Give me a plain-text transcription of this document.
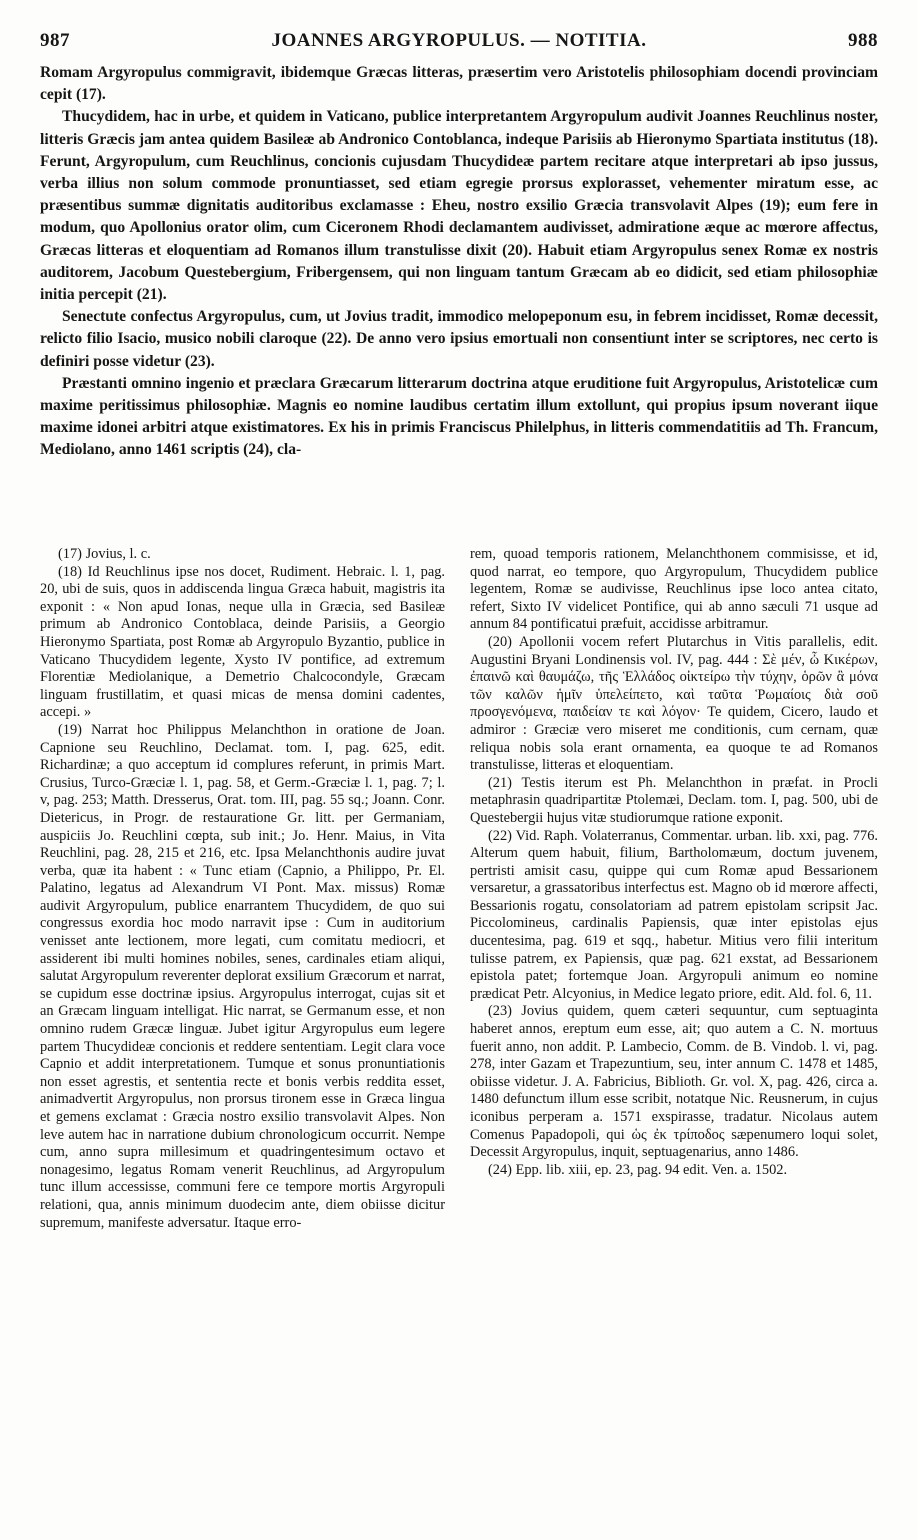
987	JOANNES ARGYROPULUS. — NOTITIA.	988

Romam Argyropulus commigravit, ibidemque Græcas litteras, præsertim vero Aristotelis philosophiam docendi provinciam cepit (17).

Thucydidem, hac in urbe, et quidem in Vaticano, publice interpretantem Argyropulum audivit Joannes Reuchlinus noster, litteris Græcis jam antea quidem Basileæ ab Andronico Contoblanca, indeque Parisiis ab Hieronymo Spartiata institutus (18). Ferunt, Argyropulum, cum Reuchlinus, concionis cujusdam Thucydideæ partem recitare atque interpretari ab ipso jussus, verba illius non solum commode pronuntiasset, sed etiam egregie prorsus explorasset, vehementer miratum esse, ac præsentibus summæ dignitatis auditoribus exclamasse : Eheu, nostro exsilio Græcia transvolavit Alpes (19); eum fere in modum, quo Apollonius orator olim, cum Ciceronem Rhodi declamantem audivisset, admiratione æque ac mœrore affectus, Græcas litteras et eloquentiam ad Romanos illum transtulisse dixit (20). Habuit etiam Argyropulus senex Romæ ex nostris auditorem, Jacobum Questebergium, Fribergensem, qui non linguam tantum Græcam ab eo didicit, sed etiam philosophiæ initia percepit (21).

Senectute confectus Argyropulus, cum, ut Jovius tradit, immodico melopeponum esu, in febrem incidisset, Romæ decessit, relicto filio Isacio, musico nobili claroque (22). De anno vero ipsius emortuali non consentiunt inter se scriptores, nec certo is definiri posse videtur (23).

Præstanti omnino ingenio et præclara Græcarum litterarum doctrina atque eruditione fuit Argyropulus, Aristotelicæ cum maxime peritissimus philosophiæ. Magnis eo nomine laudibus certatim illum extollunt, qui propius ipsum noverant iique maxime idonei arbitri atque existimatores. Ex his in primis Franciscus Philelphus, in litteris commendatitiis ad Th. Francum, Mediolano, anno 1461 scriptis (24), cla-

(17) Jovius, l. c.

(18) Id Reuchlinus ipse nos docet, Rudiment. Hebraic. l. 1, pag. 20, ubi de suis, quos in addiscenda lingua Græca habuit, magistris ita exponit : « Non apud Ionas, neque ulla in Græcia, sed Basileæ primum ab Andronico Contoblaca, deinde Parisiis, a Georgio Hieronymo Spartiata, post Romæ ab Argyropulo Byzantio, publice in Vaticano Thucydidem legente, Xysto IV pontifice, ad extremum Florentiæ Mediolanique, a Demetrio Chalcocondyle, Græcam linguam frustillatim, et quasi micas de mensa domini cadentes, accepi. »

(19) Narrat hoc Philippus Melanchthon in oratione de Joan. Capnione seu Reuchlino, Declamat. tom. I, pag. 625, edit. Richardinæ; a quo acceptum id complures referunt, in primis Mart. Crusius, Turco-Græciæ l. 1, pag. 58, et Germ.-Græciæ l. 1, pag. 7; l. v, pag. 253; Matth. Dresserus, Orat. tom. III, pag. 55 sq.; Joann. Conr. Dietericus, in Progr. de restauratione Gr. litt. per Germaniam, auspiciis Jo. Reuchlini cœpta, sub init.; Jo. Henr. Maius, in Vita Reuchlini, pag. 28, 215 et 216, etc. Ipsa Melanchthonis audire juvat verba, quæ ita habent : « Tunc etiam (Capnio, a Philippo, Pr. El. Palatino, legatus ad Alexandrum VI Pont. Max. missus) Romæ audivit Argyropulum, publice enarrantem Thucydidem, de quo sui congressus exordia hoc modo narravit ipse : Cum in auditorium venisset ante lectionem, more legati, cum comitatu mediocri, et assiderent ibi multi homines nobiles, senes, cardinales etiam aliqui, salutat Argyropulum reverenter deplorat exsilium Græcorum et narrat, se cupidum esse doctrinæ ipsius. Argyropulus interrogat, cujas sit et an Græcam linguam intelligat. Hic narrat, se Germanum esse, et non omnino rudem Græcæ linguæ. Jubet igitur Argyropulus eum legere partem Thucydideæ concionis et reddere sententiam. Legit clara voce Capnio et addit interpretationem. Tumque et sonus pronuntiationis non esset agrestis, et sententia recte et bonis verbis reddita esset, animadvertit Argyropulus, non prorsus tironem esse in Græca lingua et gemens exclamat : Græcia nostro exsilio transvolavit Alpes. Non leve autem hac in narratione dubium chronologicum occurrit. Nempe cum, anno supra millesimum et quadringentesimum octavo et nonagesimo, legatus Romam venerit Reuchlinus, ad Argyropulum tunc illum accessisse, communi fere ce tempore mortis Argyropuli relationi, qua, annis minimum duodecim ante, diem obiisse dicitur supremum, manifeste adversatur. Itaque erro-

rem, quoad temporis rationem, Melanchthonem commisisse, et id, quod narrat, eo tempore, quo Argyropulum, Thucydidem publice legentem, Romæ se audivisse, Reuchlinus ipse loco antea citato, refert, Sixto IV videlicet Pontifice, qui ab anno sæculi 71 usque ad annum 84 pontificatui præfuit, accidisse arbitramur.

(20) Apollonii vocem refert Plutarchus in Vitis parallelis, edit. Augustini Bryani Londinensis vol. IV, pag. 444 : Σὲ μέν, ὦ Κικέρων, ἐπαινῶ καὶ θαυμάζω, τῆς Ἑλλάδος οἰκτείρω τὴν τύχην, ὁρῶν ἃ μόνα τῶν καλῶν ἡμῖν ὑπελείπετο, καὶ ταῦτα Ῥωμαίοις διὰ σοῦ προσγενόμενα, παιδείαν τε καὶ λόγον· Te quidem, Cicero, laudo et admiror : Græciæ vero miseret me conditionis, cum cernam, quæ reliqua nobis sola erant ornamenta, ea quoque te ad Romanos transtulisse, litteras et eloquentiam.

(21) Testis iterum est Ph. Melanchthon in præfat. in Procli metaphrasin quadripartitæ Ptolemæi, Declam. tom. I, pag. 500, ubi de Questebergii hujus vitæ studiorumque ratione exponit.

(22) Vid. Raph. Volaterranus, Commentar. urban. lib. xxi, pag. 776. Alterum quem habuit, filium, Bartholomæum, doctum juvenem, pertristi amisit casu, quippe qui cum Romæ apud Bessarionem versaretur, a grassatoribus interfectus est. Magno ob id mœrore affecti, Bessarionis rogatu, consolatoriam ad patrem epistolam scripsit Jac. Piccolomineus, cardinalis Papiensis, quæ inter epistolas ejus ducentesima, pag. 619 et sqq., habetur. Mitius vero filii interitum tulisse patrem, ex Papiensis, quæ pag. 621 exstat, ad Bessarionem epistola patet; fortemque Joan. Argyropuli animum eo nomine prædicat Petr. Alcyonius, in Medice legato priore, edit. Ald. fol. 6, 11.

(23) Jovius quidem, quem cæteri sequuntur, cum septuaginta haberet annos, ereptum eum esse, ait; quo autem a C. N. mortuus fuerit anno, non addit. P. Lambecio, Comm. de B. Vindob. l. vi, pag. 278, inter Gazam et Trapezuntium, seu, inter annum C. 1478 et 1485, obiisse videtur. J. A. Fabricius, Biblioth. Gr. vol. X, pag. 426, circa a. 1480 defunctum illum esse scribit, notatque Nic. Reusnerum, in cujus iconibus perperam a. 1571 exspirasse, tradatur. Nicolaus autem Comenus Papadopoli, qui ὡς ἐκ τρίποδος sæpenumero loqui solet, Decessit Argyropulus, inquit, septuagenarius, anno 1486.

(24) Epp. lib. xiii, ep. 23, pag. 94 edit. Ven. a. 1502.
